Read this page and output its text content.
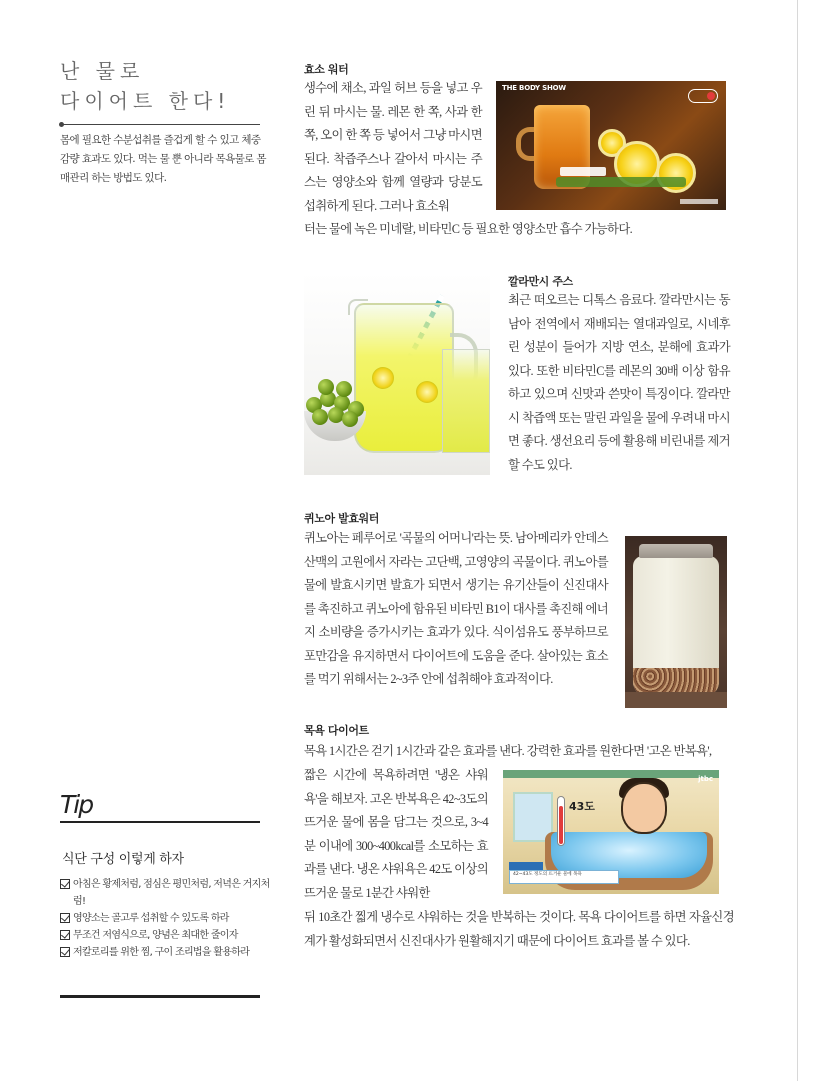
난 물로
다이어트 한다!

몸에 필요한 수분섭취를 즐겁게 할 수 있고 체중 감량 효과도 있다. 먹는 물 뿐 아니라 목욕물로 몸매관리 하는 방법도 있다.

Tip
식단 구성 이렇게 하자
아침은 황제처럼, 점심은 평민처럼, 저녁은 거지처럼!
영양소는 골고루 섭취할 수 있도록 하라
무조건 저염식으로, 양념은 최대한 줄이자
저칼로리를 위한 찜, 구이 조리법을 활용하라
효소 워터

생수에 채소, 과일 허브 등을 넣고 우린 뒤 마시는 물. 레몬 한 쪽, 사과 한 쪽, 오이 한 쪽 등 넣어서 그냥 마시면 된다. 착즙주스나 갈아서 마시는 주스는 영양소와 함께 열량과 당분도 섭취하게 된다. 그러나 효소워

터는 물에 녹은 미네랄, 비타민C 등 필요한 영양소만 흡수 가능하다.

THE BODY SHOW
깔라만시 주스

최근 떠오르는 디톡스 음료다. 깔라만시는 동남아 전역에서 재배되는 열대과일로, 시네후린 성분이 들어가 지방 연소, 분해에 효과가 있다. 또한 비타민C를 레몬의 30배 이상 함유하고 있으며 신맛과 쓴맛이 특징이다. 깔라만시 착즙액 또는 말린 과일을 물에 우려내 마시면 좋다. 생선요리 등에 활용해 비린내를 제거할 수도 있다.

퀴노아 발효워터

퀴노아는 페루어로 '곡물의 어머니'라는 뜻. 남아메리카 안데스산맥의 고원에서 자라는 고단백, 고영양의 곡물이다. 퀴노아를 물에 발효시키면 발효가 되면서 생기는 유기산들이 신진대사를 촉진하고 퀴노아에 함유된 비타민 B1이 대사를 촉진해 에너지 소비량을 증가시키는 효과가 있다. 식이섬유도 풍부하므로 포만감을 유지하면서 다이어트에 도움을 준다. 살아있는 효소를 먹기 위해서는 2~3주 안에 섭취해야 효과적이다.

목욕 다이어트

목욕 1시간은 걷기 1시간과 같은 효과를 낸다. 강력한 효과를 원한다면 '고온 반복욕',

짧은 시간에 목욕하려면 '냉온 샤워욕'을 해보자. 고온 반복욕은 42~3도의 뜨거운 물에 몸을 담그는 것으로, 3~4분 이내에 300~400kcal를 소모하는 효과를 낸다. 냉온 샤워욕은 42도 이상의 뜨거운 물로 1분간 샤워한

뒤 10초간 찗게 냉수로 샤워하는 것을 반복하는 것이다. 목욕 다이어트를 하면 자율신경계가 활성화되면서 신진대사가 원활해지기 때문에 다이어트 효과를 볼 수 있다.

43도
jtbc
42~43도 정도의 뜨거운 물에 목욕
